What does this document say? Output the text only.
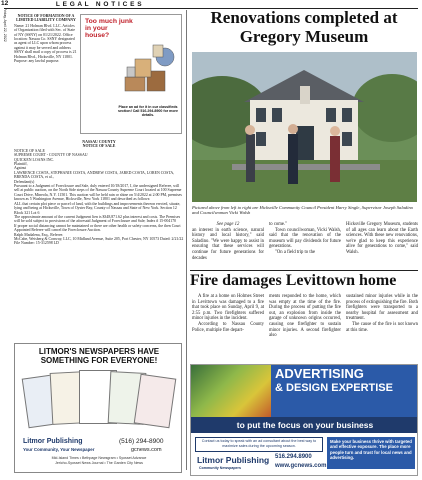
12
Friday, April 22, 2022
L E G A L   N O T I C E S
NOTICE OF FORMATION OF A LIMITED LIABILITY COMPANY
Name: 21 Holman Blvd. LLC. Articles of Organization filed with Sec. of State of NY (SSNY) on 01/21/2022. Office location: Nassau Co. SSNY designated as agent of LLC upon whom process against it may be served and address SSNY shall mail a copy of process is 21 Holman Blvd., Hicksville, NY 11801. Purpose: any lawful purpose.
Too much junk in your house?
Place an ad for it in our classifieds section! Call 516.294.8900 for more details.
NASSAU COUNTY
NOTICE OF SALE
NOTICE OF SALE
SUPREME COURT - COUNTY OF NASSAU
QUICKEN LOANS INC.
Plaintiff,
Against
LAWRENCE COSTA, STEPHANIE COSTA, ANDREW COSTA, JARED COSTA, LOREN COSTA, BRENDA COSTA, et al.,
Defendant(s)
Pursuant to a Judgment of Foreclosure and Sale, duly entered 10/18/2017, I, the undersigned Referee, will sell at public auction, on the North Side steps of the Nassau County Supreme Court located at 100 Supreme Court Drive, Mineola, N.Y. 11501. This auction will be held rain or shine on 5/4/2022 at 2:00 PM, premises known as 5 Washington Avenue, Hicksville, New York 11801 and described as follows:
ALL that certain plot piece or parcel of land, with the buildings and improvements thereon erected, situate, lying and being at Hicksville, Town of Oyster Bay, County of Nassau and State of New York. Section 12 Block 321 Lot 6
The approximate amount of the current Judgment lien is $348,871.62 plus interest and costs. The Premises will be sold subject to provisions of the aforesaid Judgment of Foreclosure and Sale; Index # 15-004170
If proper social distancing cannot be maintained or there are other health or safety concerns, the then Court Appointed Referee will cancel the Foreclosure Auction.
Ralph Madalena, Esq., Referee.
McCabe, Weisberg & Conway, LLC, 10 Midland Avenue, Suite 205, Port Chester, NY 10573 Dated: 2/21/22 File Number: 15-312598 LD
LITMOR'S NEWSPAPERS HAVE SOMETHING FOR EVERYONE!
Litmor Publishing
Your Community, Your Newspaper
(516) 294-8900
gcnews.com
Mid-Island Times • Bethpage Newsgram • Syosset Advance
Jericho-Syosset News Journal • The Garden City News
Renovations completed at Gregory Museum
Pictured above from left to right are Hicksville Community Council President Harry Single, Supervisor Joseph Saladino and Councilwoman Vicki Walsh
See page 12
an interest in earth science, natural history and local history," said Saladino. "We were happy to assist in ensuring that these services will continue for future generations for decades
to come."
Town councilwoman, Vicki Walsh, said that the renovation of the museum will pay dividends for future generations.
"On a field trip to the
Hicksville Gregory Museum, students of all ages can learn about the Earth sciences. With these new renovations, we're glad to keep this experience alive for generations to come," said Walsh.
Fire damages Levittown home
A fire at a home on Holmes Street in Levittown was damaged to a fire that took place on Sunday, April 9, at 2:55 p.m. Two firefighters suffered minor injuries in the incident.
According to Nassau County Police, multiple fire depart-
ments responded to the home, which was empty at the time of the fire. During the process of putting the fire out, an explosion from inside the garage of unknown origins occurred, causing one firefighter to sustain minor injuries. A second firefighter also
sustained minor injuries while in the process of extinguishing the fire. Both firefighters were transported to a nearby hospital for assessment and treatment.
The cause of the fire is not known at this time.
ADVERTISING
& DESIGN EXPERTISE
to put the focus on your business
Contact us today to speak with an ad consultant about the best way to maximize sales during the upcoming season.
Litmor Publishing
Community Newspapers
516.294.8900
www.gcnews.com
Make your business thrive with targeted and effective exposure. The place more people turn and trust for local news and advertising.
